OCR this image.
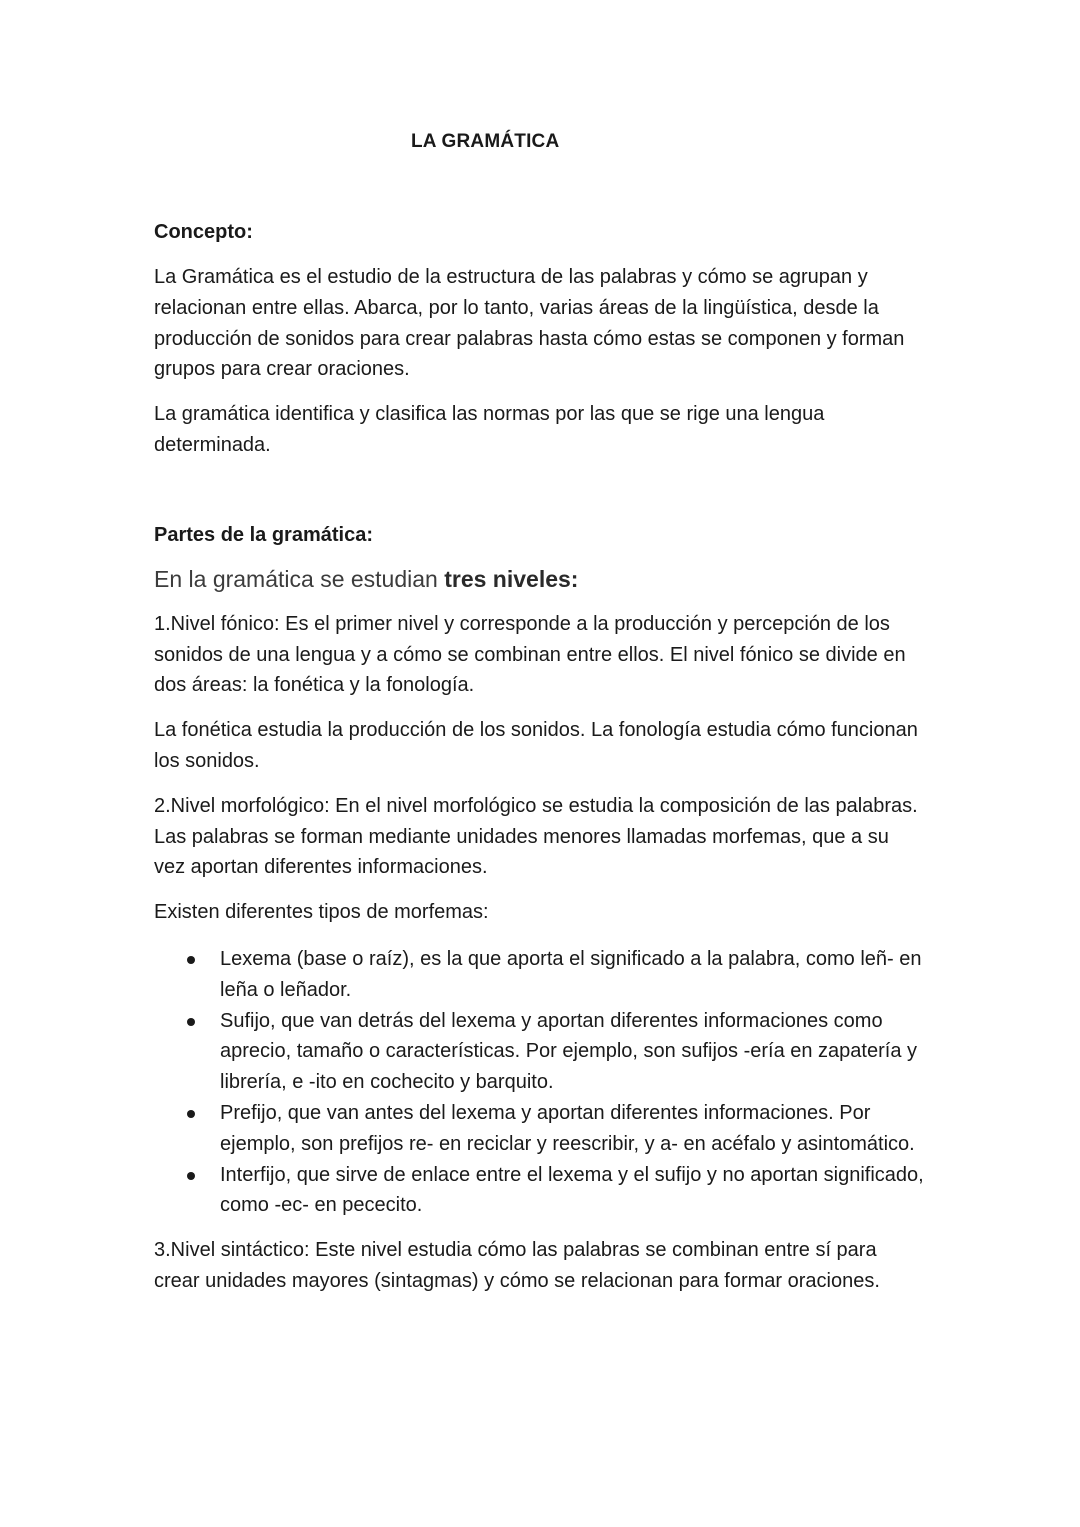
LA GRAMÁTICA
Concepto:

La Gramática es el estudio de la estructura de las palabras y cómo se agrupan y relacionan entre ellas. Abarca, por lo tanto, varias áreas de la lingüística, desde la producción de sonidos para crear palabras hasta cómo estas se componen y forman grupos para crear oraciones.

La gramática identifica y clasifica las normas por las que se rige una lengua determinada.

Partes de la gramática:
En la gramática se estudian tres niveles:

1.Nivel fónico: Es el primer nivel y corresponde a la producción y percepción de los sonidos de una lengua y a cómo se combinan entre ellos. El nivel fónico se divide en dos áreas: la fonética y la fonología.

La fonética estudia la producción de los sonidos. La fonología estudia cómo funcionan los sonidos.

2.Nivel morfológico: En el nivel morfológico se estudia la composición de las palabras. Las palabras se forman mediante unidades menores llamadas morfemas, que a su vez aportan diferentes informaciones.

Existen diferentes tipos de morfemas:

Lexema (base o raíz), es la que aporta el significado a la palabra, como leñ- en leña o leñador.
Sufijo, que van detrás del lexema y aportan diferentes informaciones como aprecio, tamaño o características. Por ejemplo, son sufijos -ería en zapatería y librería, e -ito en cochecito y barquito.
Prefijo, que van antes del lexema y aportan diferentes informaciones. Por ejemplo, son prefijos re- en reciclar y reescribir, y a- en acéfalo y asintomático.
Interfijo, que sirve de enlace entre el lexema y el sufijo y no aportan significado, como -ec- en pececito.

3.Nivel sintáctico: Este nivel estudia cómo las palabras se combinan entre sí para crear unidades mayores (sintagmas) y cómo se relacionan para formar oraciones.
